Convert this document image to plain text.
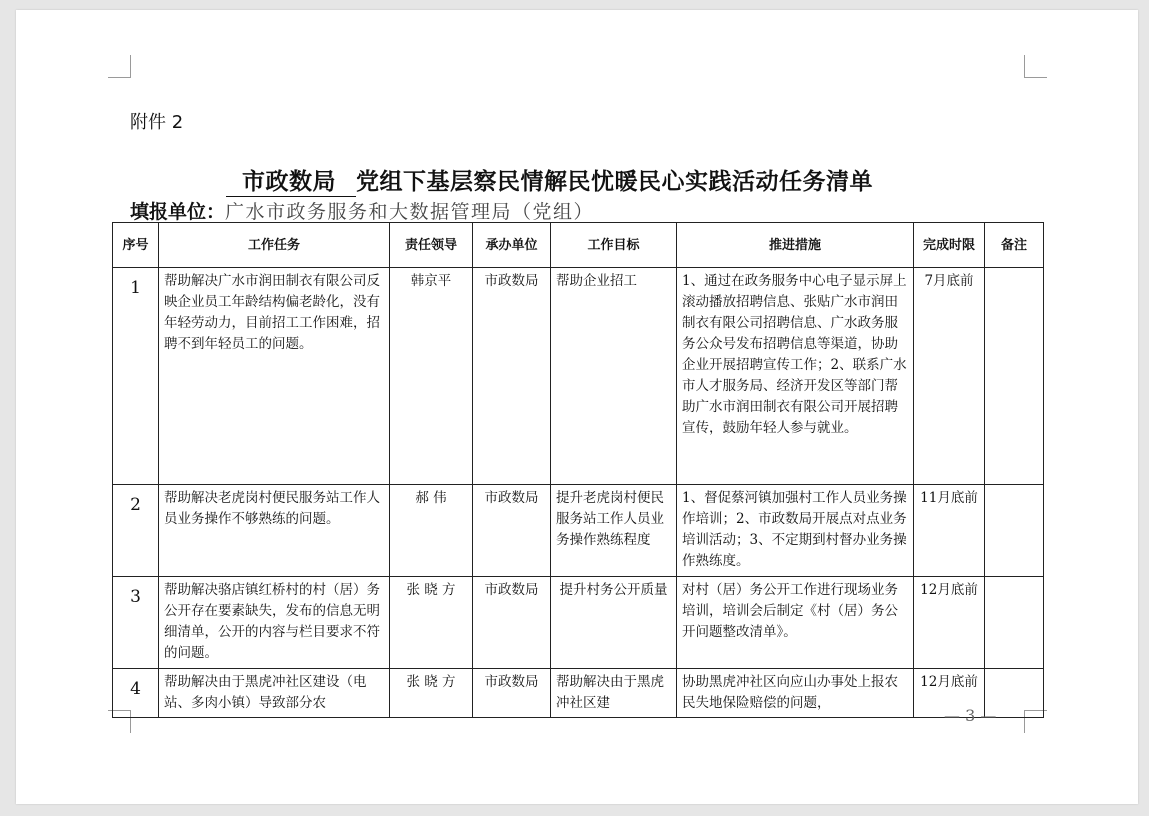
附件 2
市政数局 党组下基层察民情解民忧暖民心实践活动任务清单
填报单位：广水市政务服务和大数据管理局（党组）
序号	工作任务	责任领导	承办单位	工作目标	推进措施	完成时限	备注
1	帮助解决广水市润田制衣有限公司反映企业员工年龄结构偏老龄化，没有年轻劳动力，目前招工工作困难，招聘不到年轻员工的问题。	韩京平	市政数局	帮助企业招工	1、通过在政务服务中心电子显示屏上滚动播放招聘信息、张贴广水市润田制衣有限公司招聘信息、广水政务服务公众号发布招聘信息等渠道，协助企业开展招聘宣传工作；2、联系广水市人才服务局、经济开发区等部门帮助广水市润田制衣有限公司开展招聘宣传，鼓励年轻人参与就业。	7月底前	
2	帮助解决老虎岗村便民服务站工作人员业务操作不够熟练的问题。	郝 伟	市政数局	提升老虎岗村便民服务站工作人员业务操作熟练程度	1、督促蔡河镇加强村工作人员业务操作培训；2、市政数局开展点对点业务培训活动；3、不定期到村督办业务操作熟练度。	11月底前	
3	帮助解决骆店镇红桥村的村（居）务公开存在要素缺失，发布的信息无明细清单，公开的内容与栏目要求不符的问题。	张 晓 方	市政数局	提升村务公开质量	对村（居）务公开工作进行现场业务培训，培训会后制定《村（居）务公开问题整改清单》。	12月底前	
4	帮助解决由于黑虎冲社区建设（电站、多肉小镇）导致部分农	张 晓 方	市政数局	帮助解决由于黑虎冲社区建	协助黑虎冲社区向应山办事处上报农民失地保险赔偿的问题，	12月底前	
— 3 —
